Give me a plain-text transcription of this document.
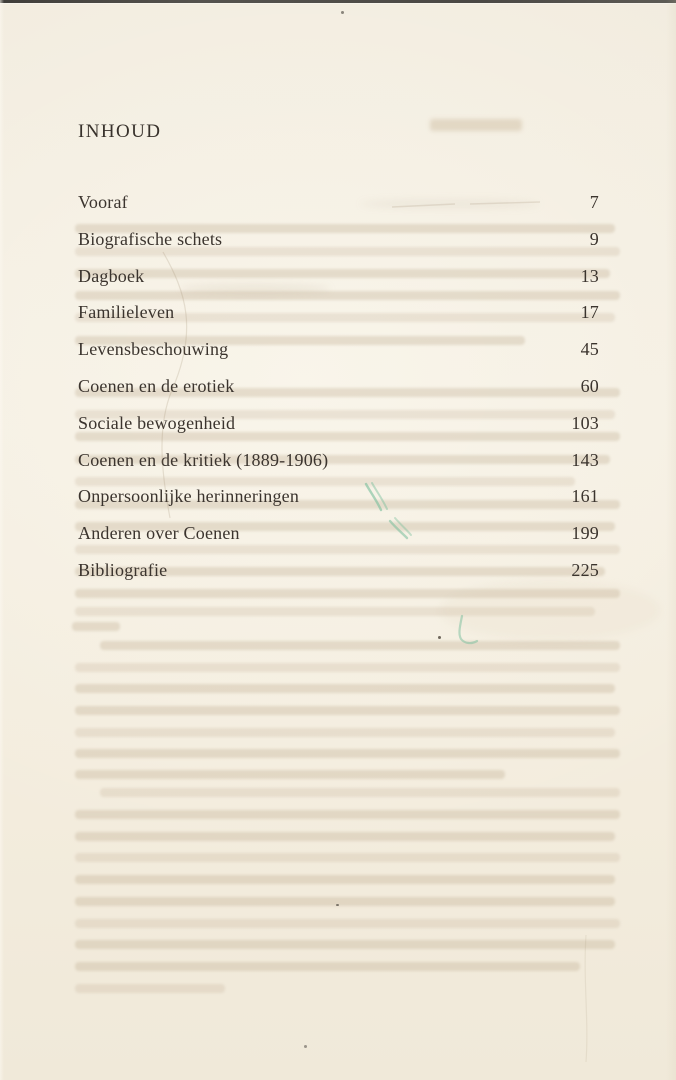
INHOUD
Vooraf	7
Biografische schets	9
Dagboek	13
Familieleven	17
Levensbeschouwing	45
Coenen en de erotiek	60
Sociale bewogenheid	103
Coenen en de kritiek (1889-1906)	143
Onpersoonlijke herinneringen	161
Anderen over Coenen	199
Bibliografie	225
